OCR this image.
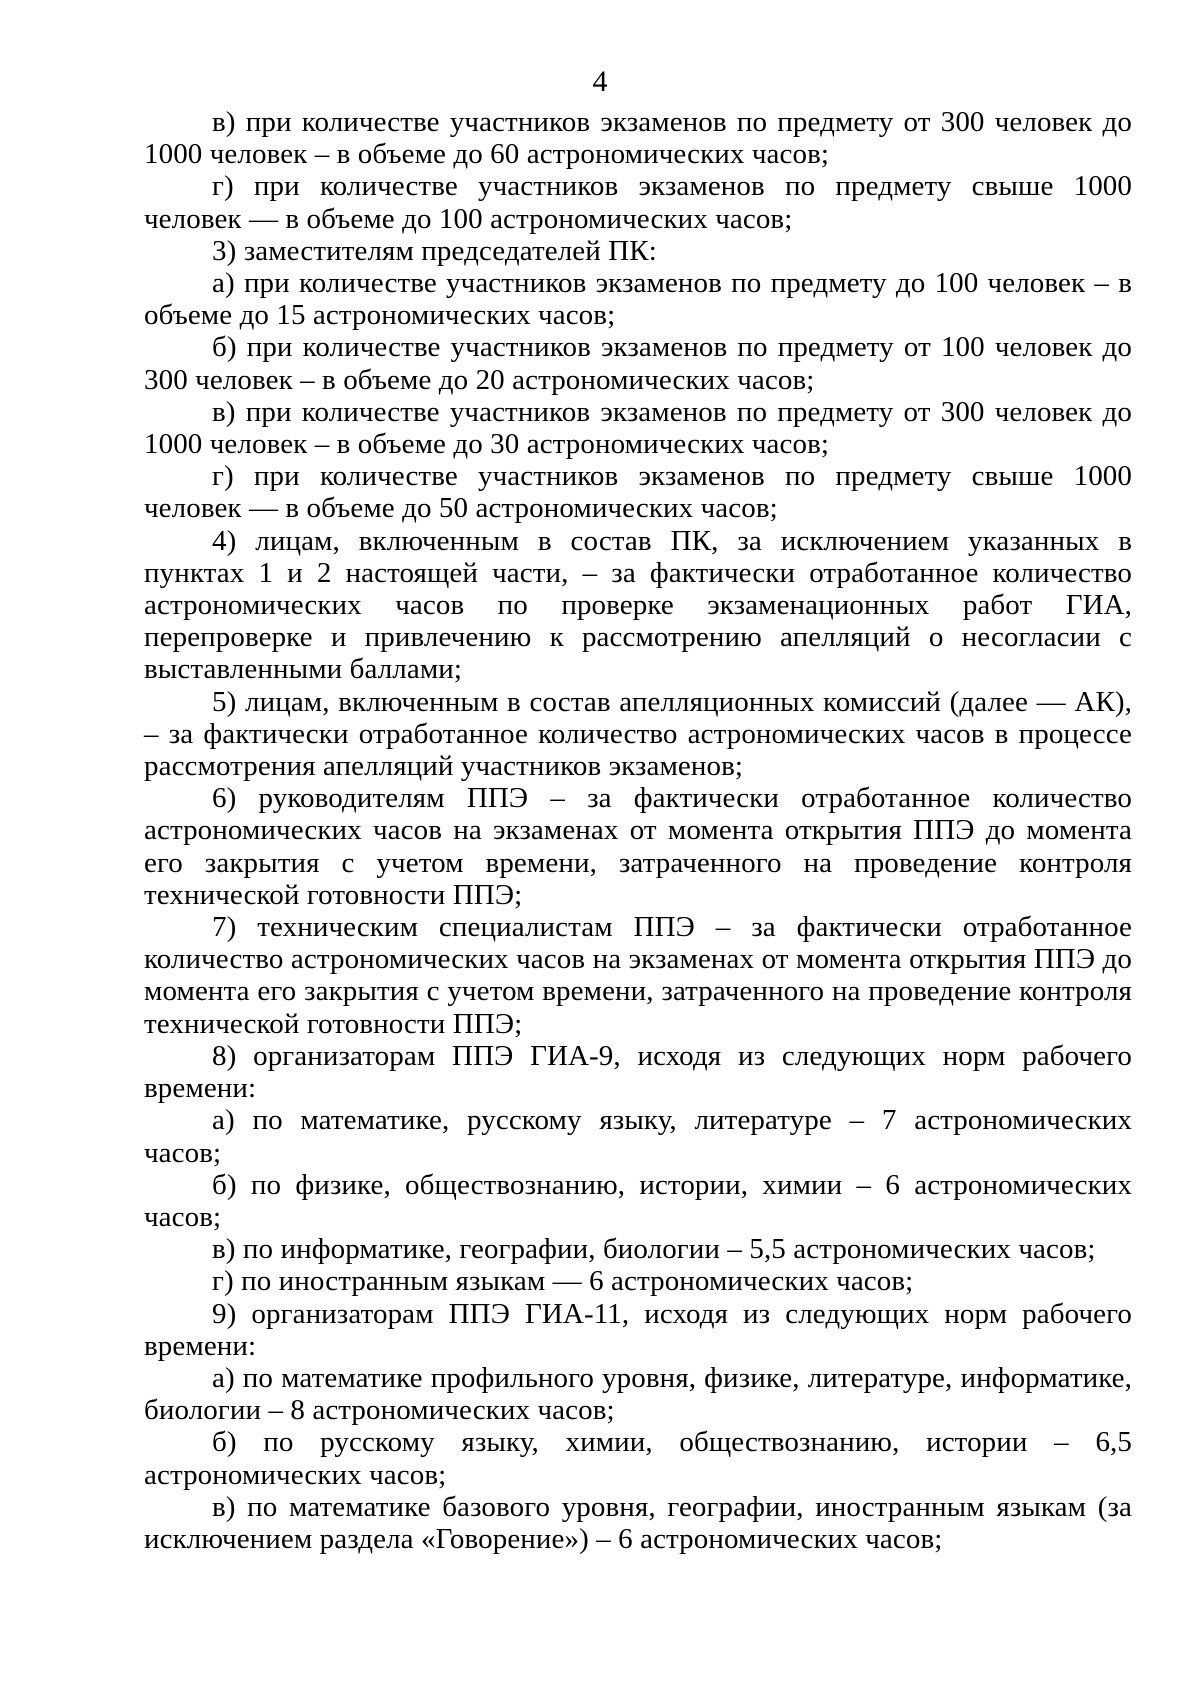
4

в) при количестве участников экзаменов по предмету от 300 человек до 1000 человек – в объеме до 60 астрономических часов;

г) при количестве участников экзаменов по предмету свыше 1000 человек — в объеме до 100 астрономических часов;

3) заместителям председателей ПК:

а) при количестве участников экзаменов по предмету до 100 человек – в объеме до 15 астрономических часов;

б) при количестве участников экзаменов по предмету от 100 человек до 300 человек – в объеме до 20 астрономических часов;

в) при количестве участников экзаменов по предмету от 300 человек до 1000 человек – в объеме до 30 астрономических часов;

г) при количестве участников экзаменов по предмету свыше 1000 человек — в объеме до 50 астрономических часов;

4) лицам, включенным в состав ПК, за исключением указанных в пунктах 1 и 2 настоящей части, – за фактически отработанное количество астрономических часов по проверке экзаменационных работ ГИА, перепроверке и привлечению к рассмотрению апелляций о несогласии с выставленными баллами;

5) лицам, включенным в состав апелляционных комиссий (далее — АК), – за фактически отработанное количество астрономических часов в процессе рассмотрения апелляций участников экзаменов;

6) руководителям ППЭ – за фактически отработанное количество астрономических часов на экзаменах от момента открытия ППЭ до момента его закрытия с учетом времени, затраченного на проведение контроля технической готовности ППЭ;

7) техническим специалистам ППЭ – за фактически отработанное количество астрономических часов на экзаменах от момента открытия ППЭ до момента его закрытия с учетом времени, затраченного на проведение контроля технической готовности ППЭ;

8) организаторам ППЭ ГИА-9, исходя из следующих норм рабочего времени:

а) по математике, русскому языку, литературе – 7 астрономических часов;

б) по физике, обществознанию, истории, химии – 6 астрономических часов;

в) по информатике, географии, биологии – 5,5 астрономических часов;

г) по иностранным языкам — 6 астрономических часов;

9) организаторам ППЭ ГИА-11, исходя из следующих норм рабочего времени:

а) по математике профильного уровня, физике, литературе, информатике, биологии – 8 астрономических часов;

б) по русскому языку, химии, обществознанию, истории – 6,5 астрономических часов;

в) по математике базового уровня, географии, иностранным языкам (за исключением раздела «Говорение») – 6 астрономических часов;
